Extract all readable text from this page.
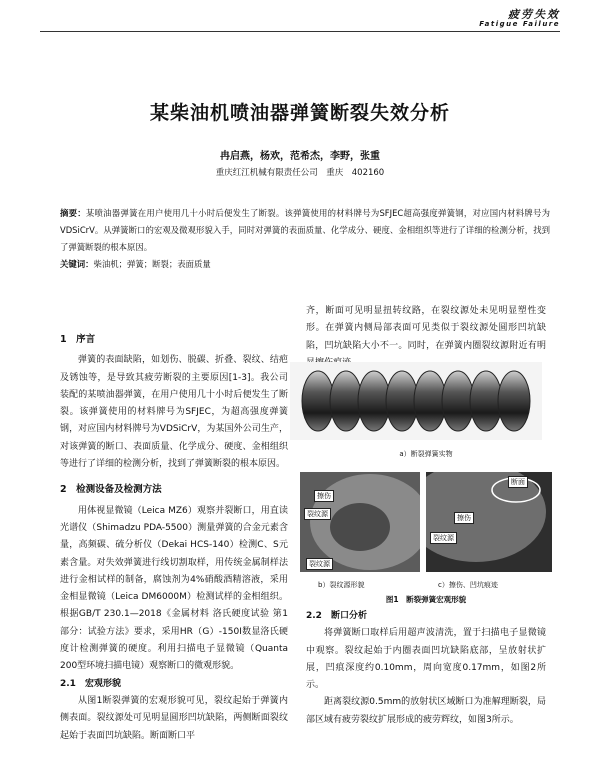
疲劳失效
Fatigue Failure
某柴油机喷油器弹簧断裂失效分析
冉启燕，杨欢，范希杰，李野，张重
重庆红江机械有限责任公司　重庆　402160
摘要：某喷油器弹簧在用户使用几十小时后便发生了断裂。该弹簧使用的材料牌号为SFJEC超高强度弹簧钢，对应国内材料牌号为VDSiCrV。从弹簧断口的宏观及微观形貌入手，同时对弹簧的表面质量、化学成分、硬度、金相组织等进行了详细的检测分析，找到了弹簧断裂的根本原因。
关键词：柴油机；弹簧；断裂；表面质量
1　序言

弹簧的表面缺陷，如划伤、脱碳、折叠、裂纹、结疤及锈蚀等，是导致其疲劳断裂的主要原因[1-3]。我公司装配的某喷油器弹簧，在用户使用几十小时后便发生了断裂。该弹簧使用的材料牌号为SFJEC，为超高强度弹簧钢，对应国内材料牌号为VDSiCrV，为某国外公司生产，对该弹簧的断口、表面质量、化学成分、硬度、金相组织等进行了详细的检测分析，找到了弹簧断裂的根本原因。

2　检测设备及检测方法

用体视显微镜（Leica MZ6）观察并裂断口，用直读光谱仪（Shimadzu PDA-5500）测量弹簧的合金元素含量，高频碳、硫分析仪（Dekai HCS-140）检测C、S元素含量。对失效弹簧进行线切割取样，用传统金属制样法进行金相试样的制备，腐蚀剂为4%硝酸酒精溶液，采用金相显微镜（Leica DM6000M）检测试样的金相组织。根据GB/T 230.1—2018《金属材料 洛氏硬度试验 第1部分：试验方法》要求，采用HR（G）-150I数显洛氏硬度计检测弹簧的硬度。利用扫描电子显微镜（Quanta 200型环境扫描电镜）观察断口的微观形貌。

2.1　宏观形貌

从图1断裂弹簧的宏观形貌可见，裂纹起始于弹簧内侧表面。裂纹源处可见明显圆形凹坑缺陷，两侧断面裂纹起始于表面凹坑缺陷。断面断口平

齐，断面可见明显扭转纹路，在裂纹源处未见明显塑性变形。在弹簧内侧局部表面可见类似于裂纹源处圆形凹坑缺陷，凹坑缺陷大小不一。同时，在弹簧内圈裂纹源附近有明

a）断裂弹簧实物
擦伤
裂纹源
裂纹源
断面
擦伤
裂纹源
b）裂纹源形貌	c）擦伤、凹坑痕迹
图1　断裂弹簧宏观形貌
2.2　断口分析

将弹簧断口取样后用超声波清洗，置于扫描电子显微镜中观察。裂纹起始于内圈表面凹坑缺陷底部，呈放射状扩展，凹痕深度约0.10mm，周向宽度0.17mm，如图2所示。

距离裂纹源0.5mm的放射状区域断口为准解理断裂，局部区域有疲劳裂纹扩展形成的疲劳辉纹，如图3所示。
